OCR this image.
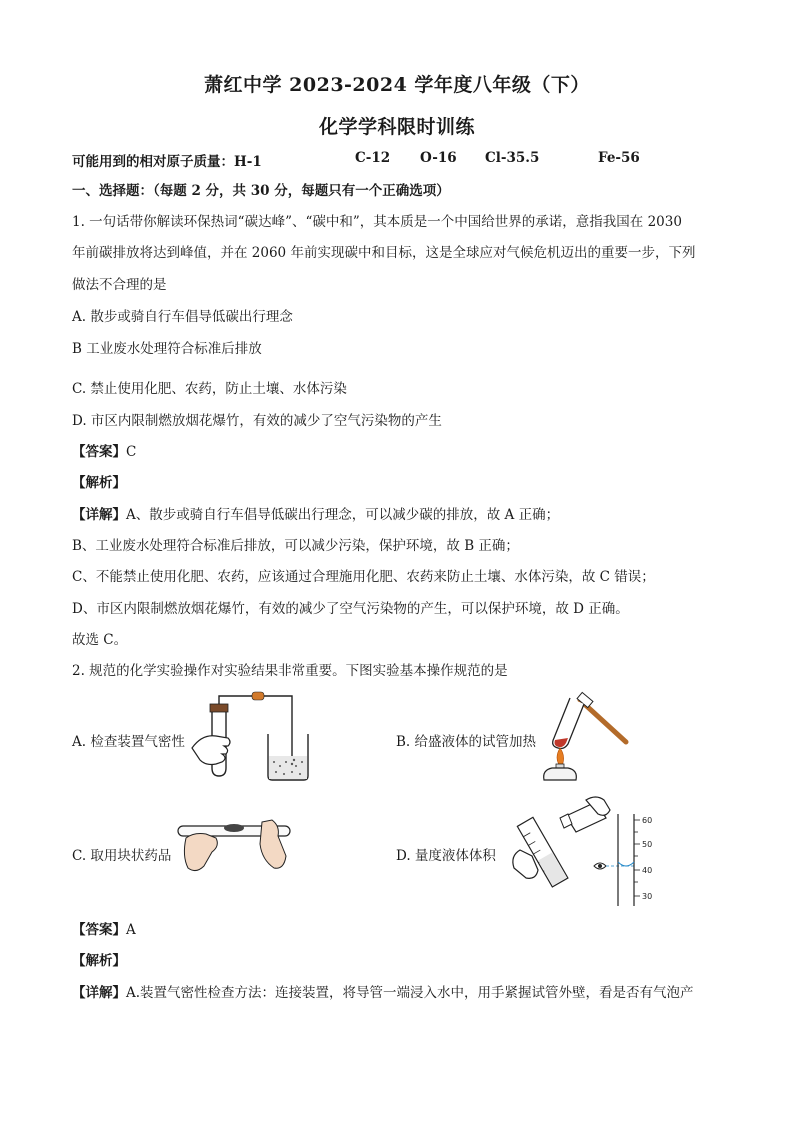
萧红中学 2023-2024 学年度八年级（下）
化学学科限时训练
可能用到的相对原子质量：H-1	C-12 O-16 Cl-35.5	Fe-56
一、选择题：（每题 2 分，共 30 分，每题只有一个正确选项）
1. 一句话带你解读环保热词“碳达峰”、“碳中和”，其本质是一个中国给世界的承诺，意指我国在 2030
年前碳排放将达到峰值，并在 2060 年前实现碳中和目标，这是全球应对气候危机迈出的重要一步，下列
做法不合理的是
A. 散步或骑自行车倡导低碳出行理念
B 工业废水处理符合标准后排放
C. 禁止使用化肥、农药，防止土壤、水体污染
D. 市区内限制燃放烟花爆竹，有效的减少了空气污染物的产生
【答案】C
【解析】
【详解】A、散步或骑自行车倡导低碳出行理念，可以减少碳的排放，故 A 正确；
B、工业废水处理符合标准后排放，可以减少污染，保护环境，故 B 正确；
C、不能禁止使用化肥、农药，应该通过合理施用化肥、农药来防止土壤、水体污染，故 C 错误；
D、市区内限制燃放烟花爆竹，有效的减少了空气污染物的产生，可以保护环境，故 D 正确。
故选 C。
2. 规范的化学实验操作对实验结果非常重要。下图实验基本操作规范的是
A. 检查装置气密性	B. 给盛液体的试管加热
C. 取用块状药品	D. 量度液体体积
60
50
40
30
【答案】A
【解析】
【详解】A.装置气密性检查方法：连接装置，将导管一端浸入水中，用手紧握试管外壁，看是否有气泡产
